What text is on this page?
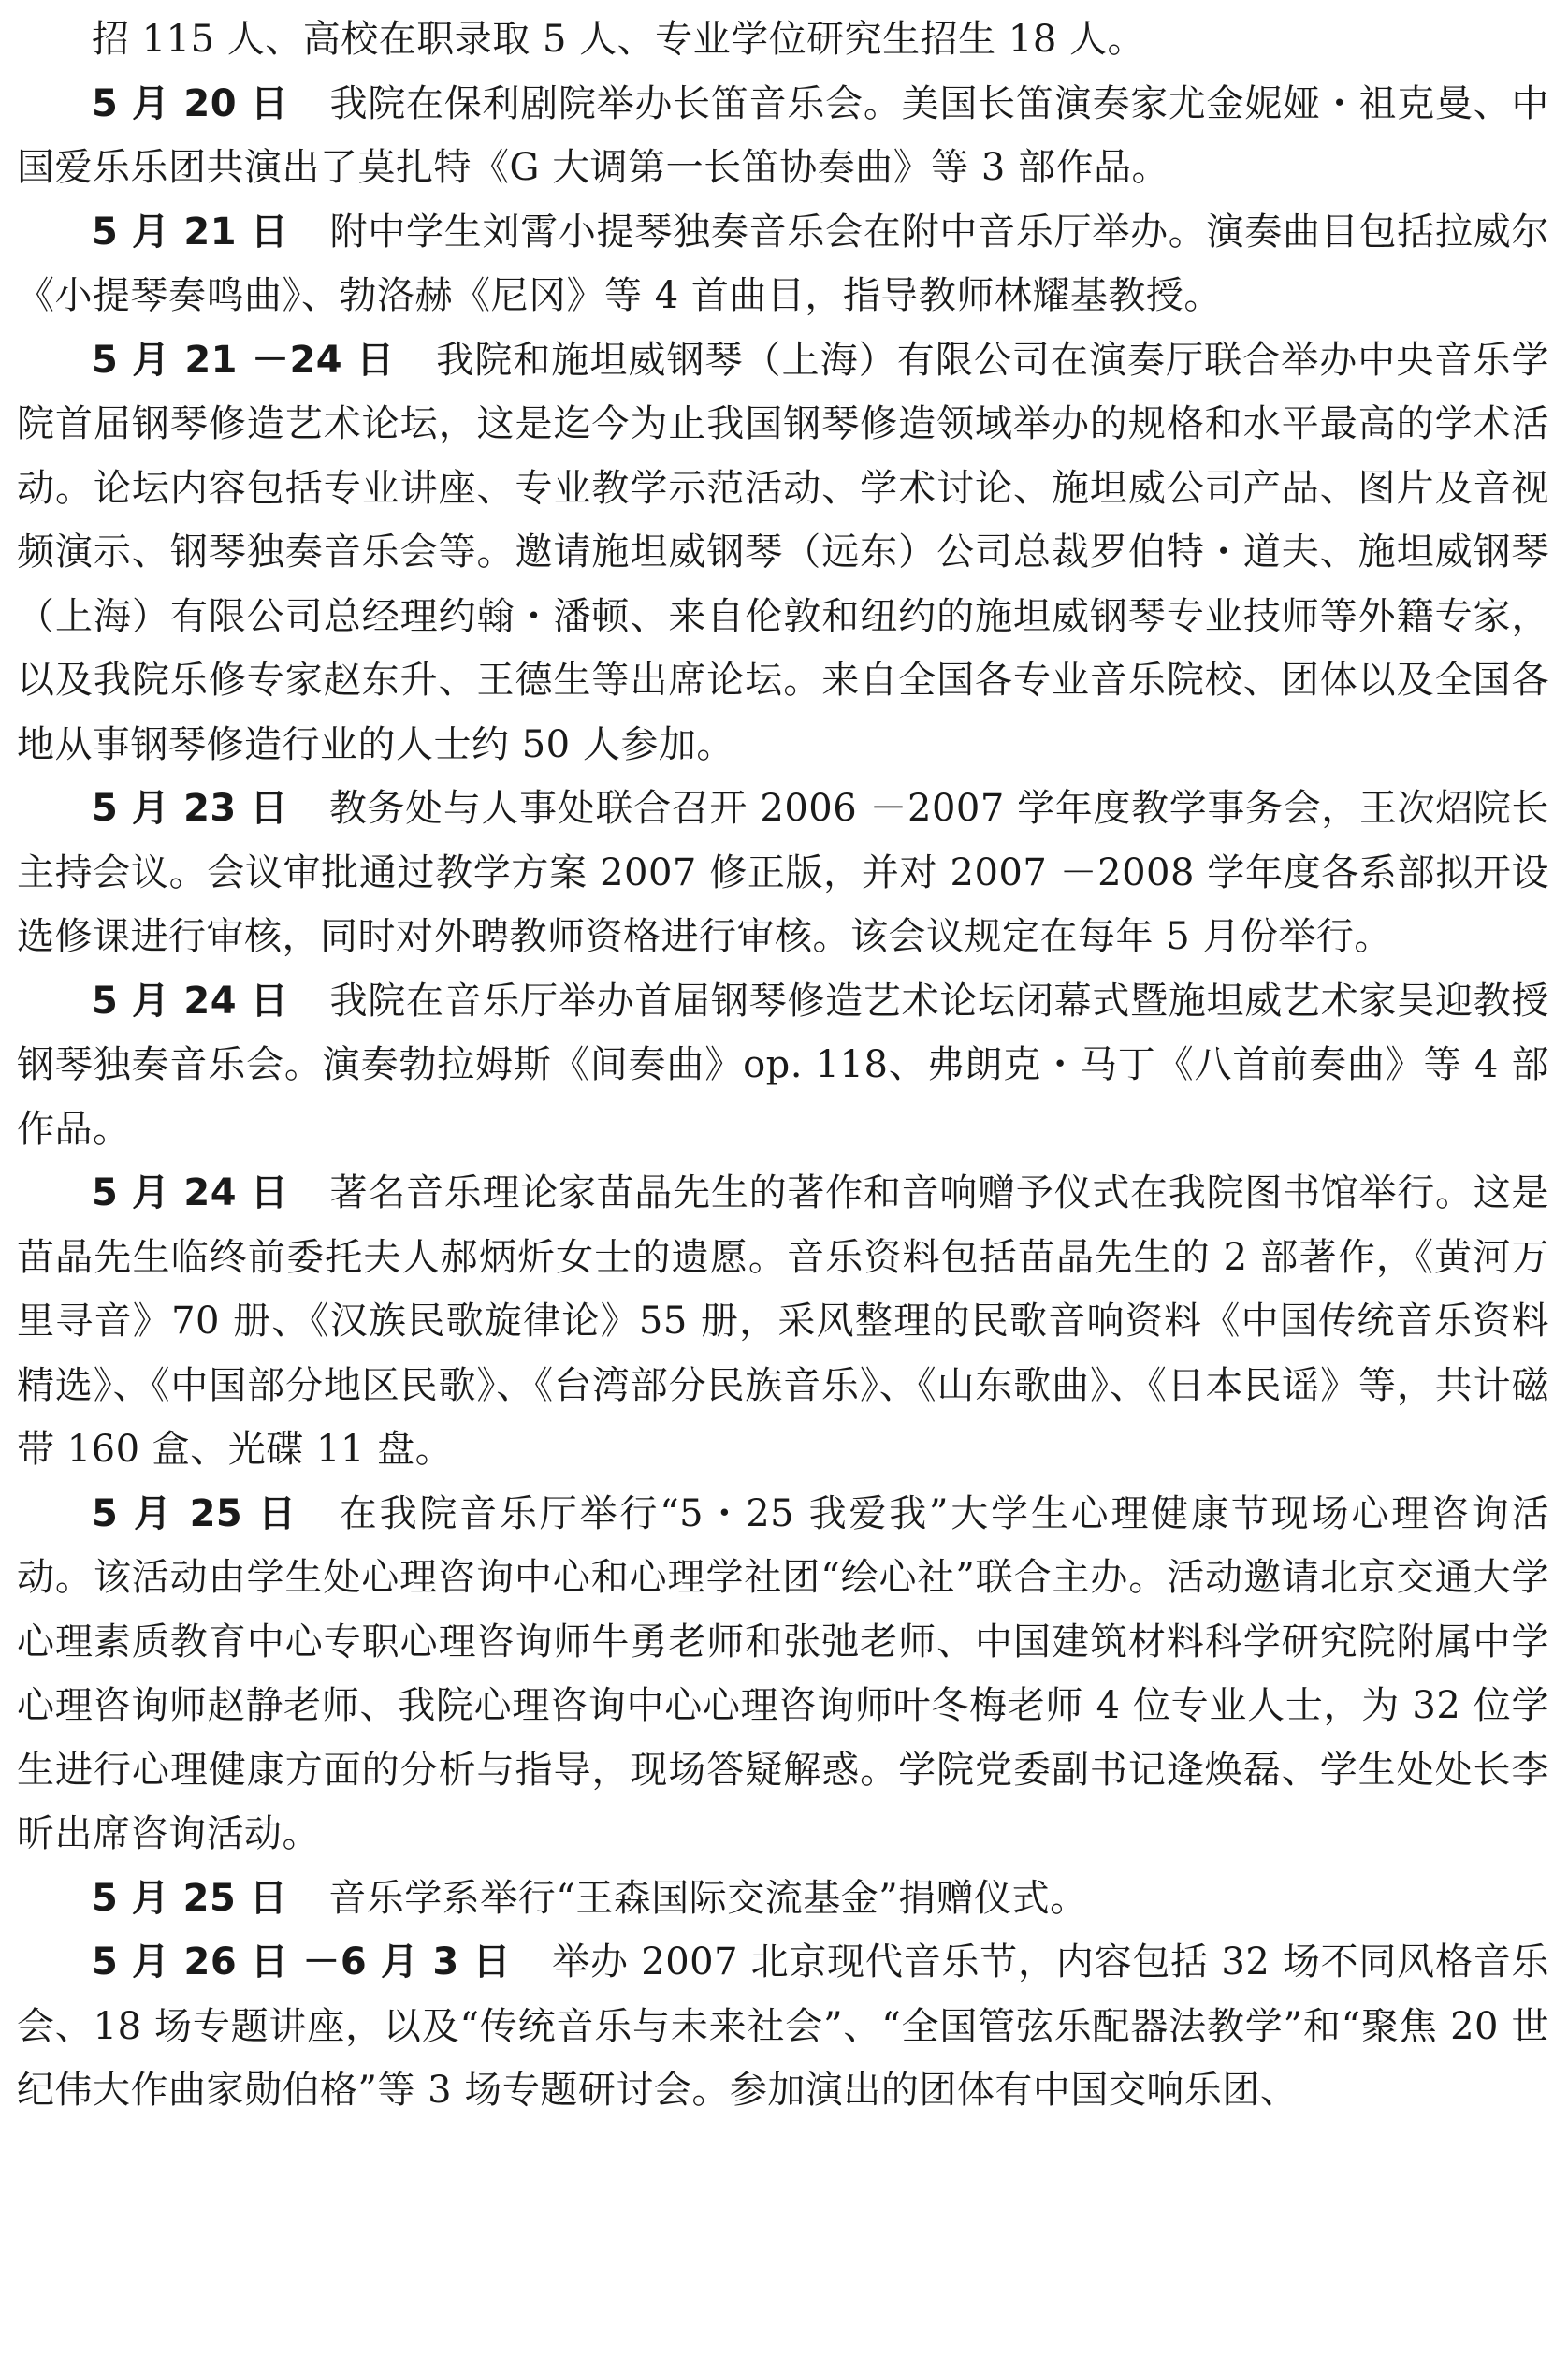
招 115 人、高校在职录取 5 人、专业学位研究生招生 18 人。

5 月 20 日 我院在保利剧院举办长笛音乐会。美国长笛演奏家尤金妮娅・祖克曼、中国爱乐乐团共演出了莫扎特《G 大调第一长笛协奏曲》等 3 部作品。

5 月 21 日 附中学生刘霄小提琴独奏音乐会在附中音乐厅举办。演奏曲目包括拉威尔《小提琴奏鸣曲》、勃洛赫《尼冈》等 4 首曲目，指导教师林耀基教授。

5 月 21 －24 日 我院和施坦威钢琴（上海）有限公司在演奏厅联合举办中央音乐学院首届钢琴修造艺术论坛，这是迄今为止我国钢琴修造领域举办的规格和水平最高的学术活动。论坛内容包括专业讲座、专业教学示范活动、学术讨论、施坦威公司产品、图片及音视频演示、钢琴独奏音乐会等。邀请施坦威钢琴（远东）公司总裁罗伯特・道夫、施坦威钢琴（上海）有限公司总经理约翰・潘顿、来自伦敦和纽约的施坦威钢琴专业技师等外籍专家，以及我院乐修专家赵东升、王德生等出席论坛。来自全国各专业音乐院校、团体以及全国各地从事钢琴修造行业的人士约 50 人参加。

5 月 23 日 教务处与人事处联合召开 2006 －2007 学年度教学事务会，王次炤院长主持会议。会议审批通过教学方案 2007 修正版，并对 2007 －2008 学年度各系部拟开设选修课进行审核，同时对外聘教师资格进行审核。该会议规定在每年 5 月份举行。

5 月 24 日 我院在音乐厅举办首届钢琴修造艺术论坛闭幕式暨施坦威艺术家吴迎教授钢琴独奏音乐会。演奏勃拉姆斯《间奏曲》op. 118、弗朗克・马丁《八首前奏曲》等 4 部作品。

5 月 24 日 著名音乐理论家苗晶先生的著作和音响赠予仪式在我院图书馆举行。这是苗晶先生临终前委托夫人郝炳炘女士的遗愿。音乐资料包括苗晶先生的 2 部著作，《黄河万里寻音》70 册、《汉族民歌旋律论》55 册，采风整理的民歌音响资料《中国传统音乐资料精选》、《中国部分地区民歌》、《台湾部分民族音乐》、《山东歌曲》、《日本民谣》等，共计磁带 160 盒、光碟 11 盘。

5 月 25 日 在我院音乐厅举行“5・25 我爱我”大学生心理健康节现场心理咨询活动。该活动由学生处心理咨询中心和心理学社团“绘心社”联合主办。活动邀请北京交通大学心理素质教育中心专职心理咨询师牛勇老师和张弛老师、中国建筑材料科学研究院附属中学心理咨询师赵静老师、我院心理咨询中心心理咨询师叶冬梅老师 4 位专业人士，为 32 位学生进行心理健康方面的分析与指导，现场答疑解惑。学院党委副书记逄焕磊、学生处处长李昕出席咨询活动。

5 月 25 日 音乐学系举行“王森国际交流基金”捐赠仪式。

5 月 26 日 －6 月 3 日 举办 2007 北京现代音乐节，内容包括 32 场不同风格音乐会、18 场专题讲座，以及“传统音乐与未来社会”、“全国管弦乐配器法教学”和“聚焦 20 世纪伟大作曲家勋伯格”等 3 场专题研讨会。参加演出的团体有中国交响乐团、
